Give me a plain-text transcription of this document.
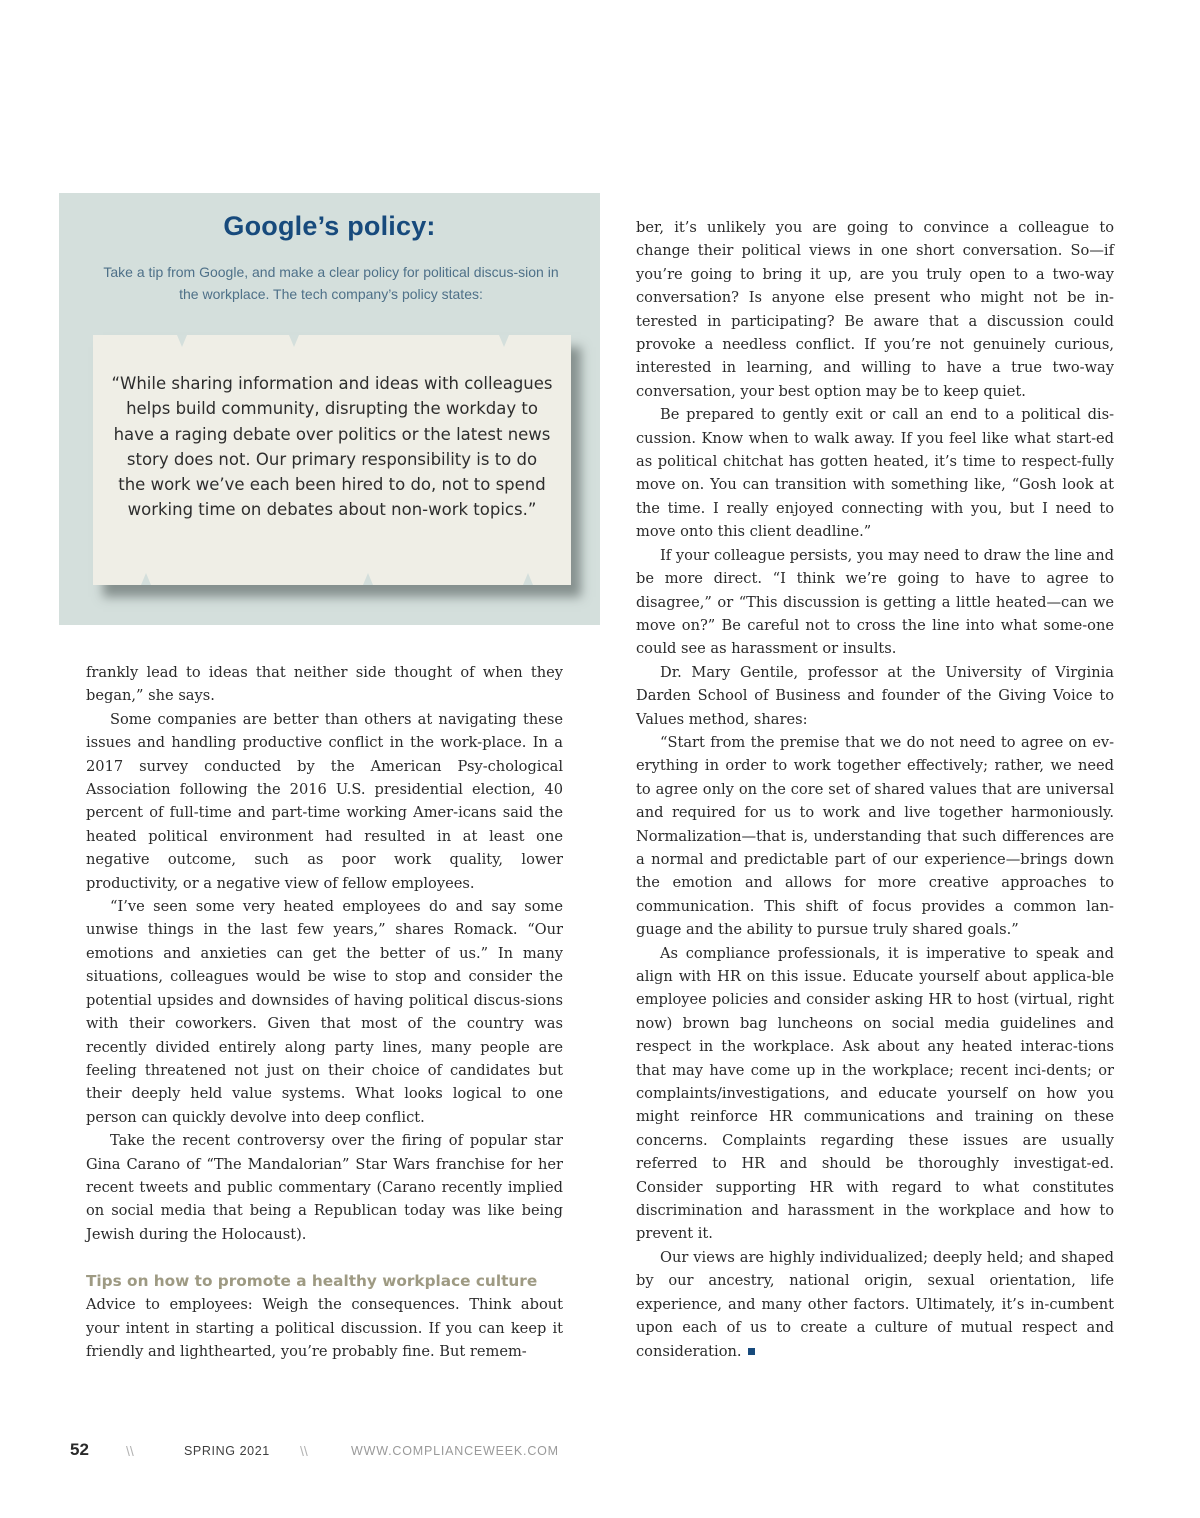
Google’s policy:

Take a tip from Google, and make a clear policy for political discus-sion in the workplace. The tech company’s policy states:

“While sharing information and ideas with colleagues helps build community, disrupting the workday to have a raging debate over politics or the latest news story does not. Our primary responsibility is to do the work we’ve each been hired to do, not to spend working time on debates about non-work topics.”

frankly lead to ideas that neither side thought of when they began,” she says.

Some companies are better than others at navigating these issues and handling productive conflict in the work-place. In a 2017 survey conducted by the American Psy-chological Association following the 2016 U.S. presidential election, 40 percent of full-time and part-time working Amer-icans said the heated political environment had resulted in at least one negative outcome, such as poor work quality, lower productivity, or a negative view of fellow employees.

“I’ve seen some very heated employees do and say some unwise things in the last few years,” shares Romack. “Our emotions and anxieties can get the better of us.” In many situations, colleagues would be wise to stop and consider the potential upsides and downsides of having political discus-sions with their coworkers. Given that most of the country was recently divided entirely along party lines, many people are feeling threatened not just on their choice of candidates but their deeply held value systems. What looks logical to one person can quickly devolve into deep conflict.

Take the recent controversy over the firing of popular star Gina Carano of “The Mandalorian” Star Wars franchise for her recent tweets and public commentary (Carano recently implied on social media that being a Republican today was like being Jewish during the Holocaust).

Tips on how to promote a healthy workplace culture

Advice to employees: Weigh the consequences. Think about your intent in starting a political discussion. If you can keep it friendly and lighthearted, you’re probably fine. But remem-

ber, it’s unlikely you are going to convince a colleague to change their political views in one short conversation. So—if you’re going to bring it up, are you truly open to a two-way conversation? Is anyone else present who might not be in-terested in participating? Be aware that a discussion could provoke a needless conflict. If you’re not genuinely curious, interested in learning, and willing to have a true two-way conversation, your best option may be to keep quiet.

Be prepared to gently exit or call an end to a political dis-cussion. Know when to walk away. If you feel like what start-ed as political chitchat has gotten heated, it’s time to respect-fully move on. You can transition with something like, “Gosh look at the time. I really enjoyed connecting with you, but I need to move onto this client deadline.”

If your colleague persists, you may need to draw the line and be more direct. “I think we’re going to have to agree to disagree,” or “This discussion is getting a little heated—can we move on?” Be careful not to cross the line into what some-one could see as harassment or insults.

Dr. Mary Gentile, professor at the University of Virginia Darden School of Business and founder of the Giving Voice to Values method, shares:

“Start from the premise that we do not need to agree on ev-erything in order to work together effectively; rather, we need to agree only on the core set of shared values that are universal and required for us to work and live together harmoniously. Normalization—that is, understanding that such differences are a normal and predictable part of our experience—brings down the emotion and allows for more creative approaches to communication. This shift of focus provides a common lan-guage and the ability to pursue truly shared goals.”

As compliance professionals, it is imperative to speak and align with HR on this issue. Educate yourself about applica-ble employee policies and consider asking HR to host (virtual, right now) brown bag luncheons on social media guidelines and respect in the workplace. Ask about any heated interac-tions that may have come up in the workplace; recent inci-dents; or complaints/investigations, and educate yourself on how you might reinforce HR communications and training on these concerns. Complaints regarding these issues are usually referred to HR and should be thoroughly investigat-ed. Consider supporting HR with regard to what constitutes discrimination and harassment in the workplace and how to prevent it.

Our views are highly individualized; deeply held; and shaped by our ancestry, national origin, sexual orientation, life experience, and many other factors. Ultimately, it’s in-cumbent upon each of us to create a culture of mutual respect and consideration.

52	\\	SPRING 2021 \\	WWW.COMPLIANCEWEEK.COM
